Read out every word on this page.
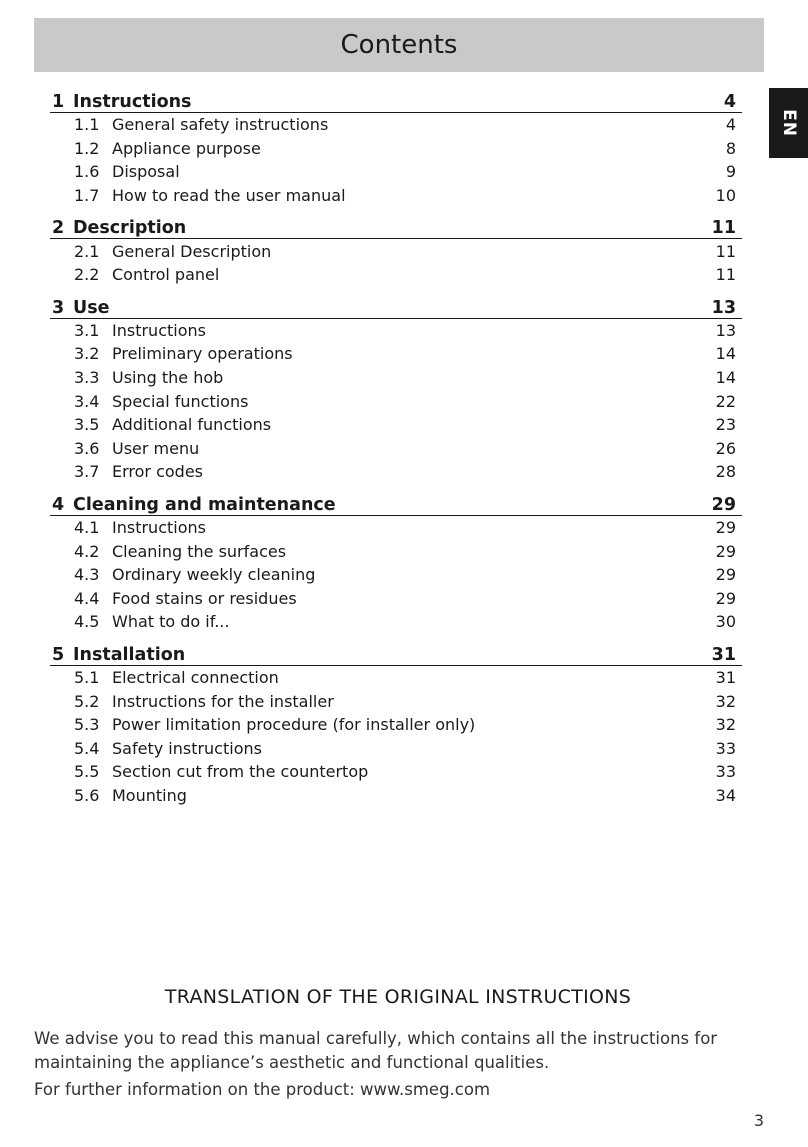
Contents
EN
1 Instructions	4
1.1 General safety instructions	4
1.2 Appliance purpose	8
1.6 Disposal	9
1.7 How to read the user manual	10
2 Description	11
2.1 General Description	11
2.2 Control panel	11
3 Use	13
3.1 Instructions	13
3.2 Preliminary operations	14
3.3 Using the hob	14
3.4 Special functions	22
3.5 Additional functions	23
3.6 User menu	26
3.7 Error codes	28
4 Cleaning and maintenance	29
4.1 Instructions	29
4.2 Cleaning the surfaces	29
4.3 Ordinary weekly cleaning	29
4.4 Food stains or residues	29
4.5 What to do if...	30
5 Installation	31
5.1 Electrical connection	31
5.2 Instructions for the installer	32
5.3 Power limitation procedure (for installer only)	32
5.4 Safety instructions	33
5.5 Section cut from the countertop	33
5.6 Mounting	34
TRANSLATION OF THE ORIGINAL INSTRUCTIONS

We advise you to read this manual carefully, which contains all the instructions for maintaining the appliance’s aesthetic and functional qualities.

For further information on the product: www.smeg.com

3
